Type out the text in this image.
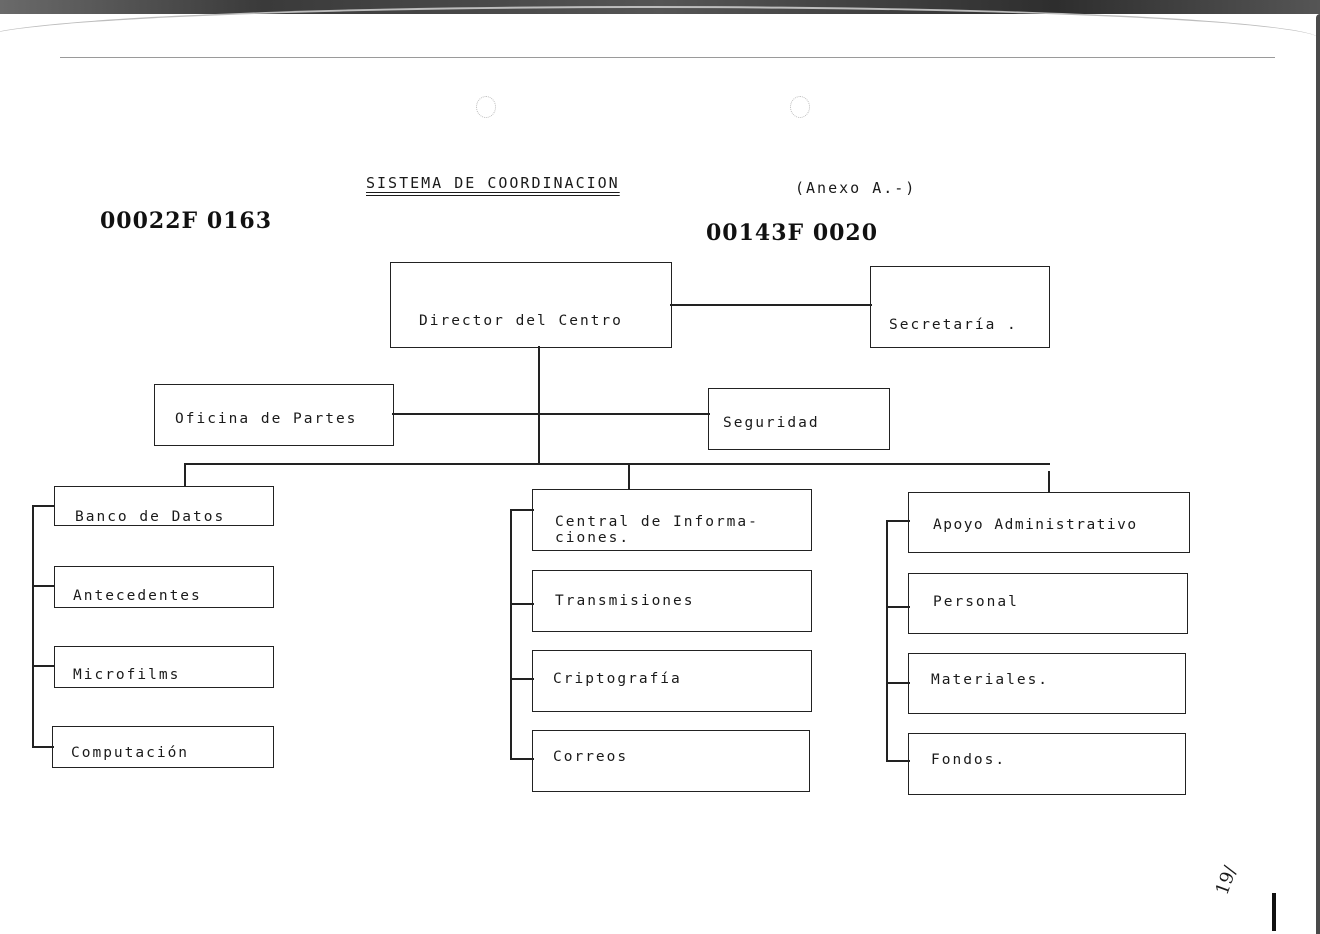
SISTEMA DE COORDINACION	(Anexo A.-)
00022F 0163	00143F 0020

Director del Centro	Secretaría .

Oficina de Partes	Seguridad

Banco de Datos

Antecedentes

Microfilms

Computación

Central de Informa-
ciones.

Transmisiones

Criptografía

Correos

Apoyo Administrativo

Personal

Materiales.

Fondos.

19/
